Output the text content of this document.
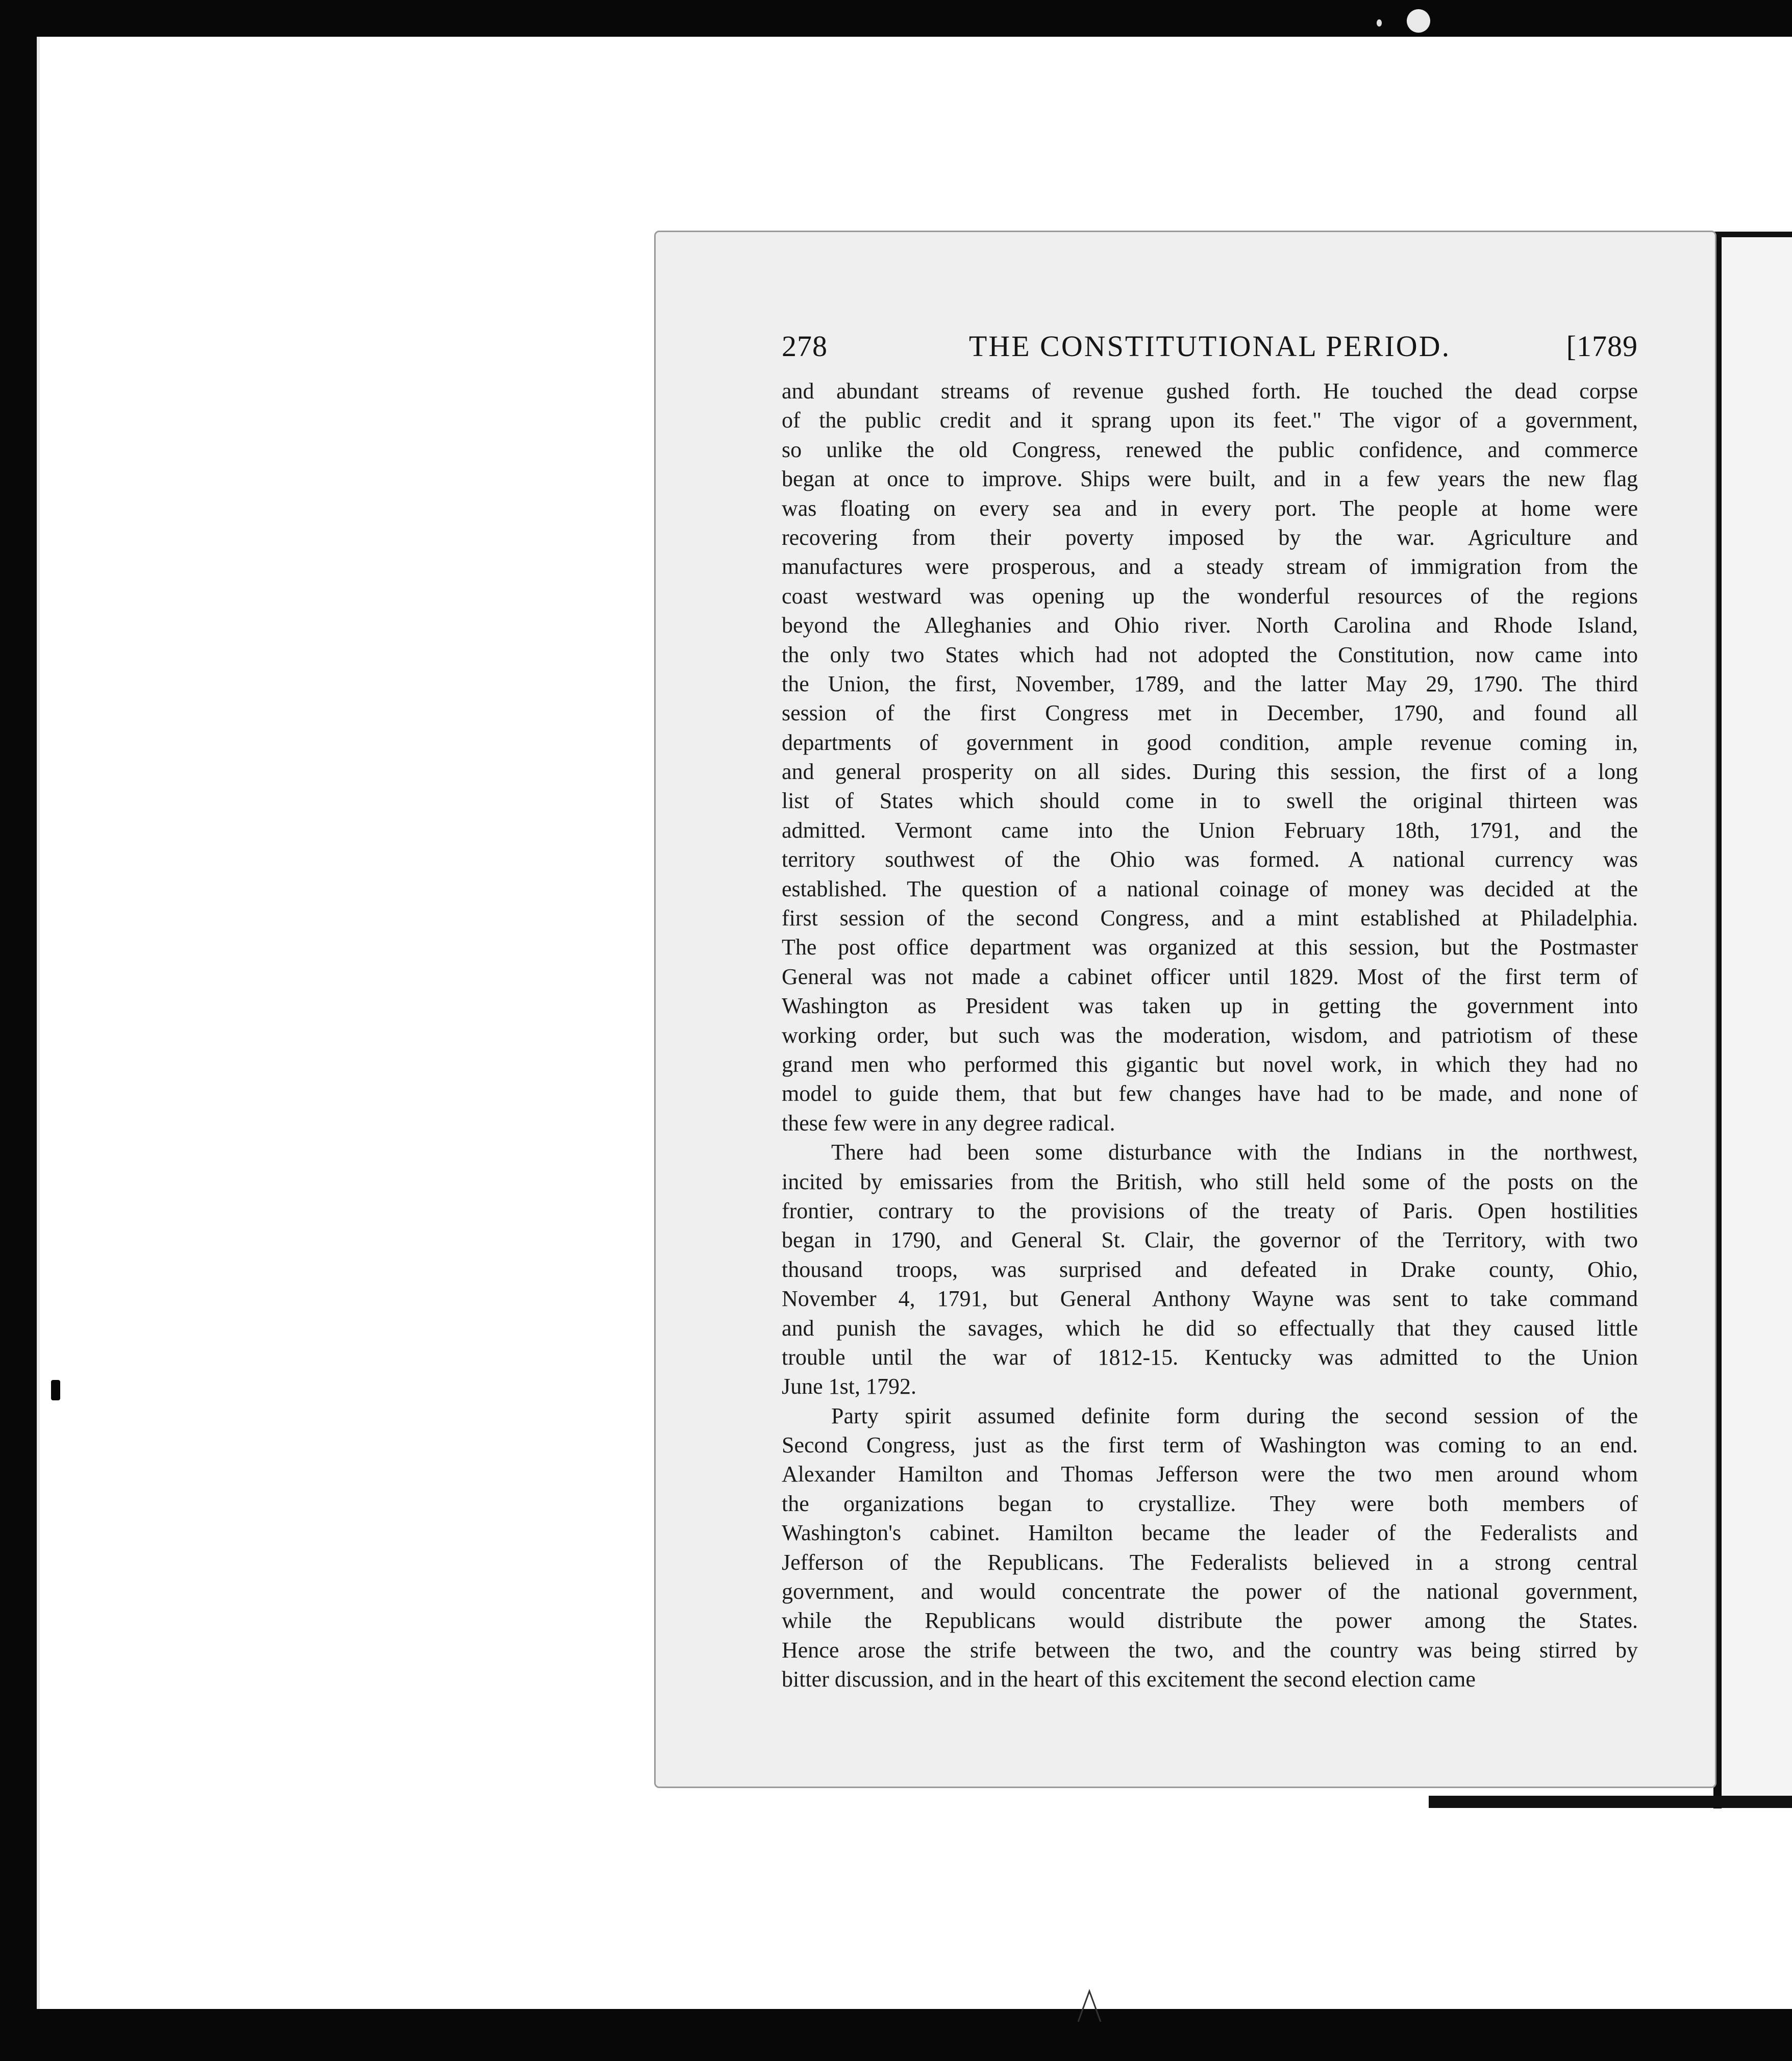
278	THE CONSTITUTIONAL PERIOD.	[1789
and abundant streams of revenue gushed forth. He touched the dead corpse
of the public credit and it sprang upon its feet." The vigor of a government,
so unlike the old Congress, renewed the public confidence, and commerce
began at once to improve. Ships were built, and in a few years the new flag
was floating on every sea and in every port. The people at home were
recovering from their poverty imposed by the war. Agriculture and
manufactures were prosperous, and a steady stream of immigration from the
coast westward was opening up the wonderful resources of the regions
beyond the Alleghanies and Ohio river. North Carolina and Rhode Island,
the only two States which had not adopted the Constitution, now came into
the Union, the first, November, 1789, and the latter May 29, 1790. The third
session of the first Congress met in December, 1790, and found all
departments of government in good condition, ample revenue coming in,
and general prosperity on all sides. During this session, the first of a long
list of States which should come in to swell the original thirteen was
admitted. Vermont came into the Union February 18th, 1791, and the
territory southwest of the Ohio was formed. A national currency was
established. The question of a national coinage of money was decided at the
first session of the second Congress, and a mint established at Philadelphia.
The post office department was organized at this session, but the Postmaster
General was not made a cabinet officer until 1829. Most of the first term of
Washington as President was taken up in getting the government into
working order, but such was the moderation, wisdom, and patriotism of these
grand men who performed this gigantic but novel work, in which they had no
model to guide them, that but few changes have had to be made, and none of
these few were in any degree radical.
There had been some disturbance with the Indians in the northwest,
incited by emissaries from the British, who still held some of the posts on the
frontier, contrary to the provisions of the treaty of Paris. Open hostilities
began in 1790, and General St. Clair, the governor of the Territory, with two
thousand troops, was surprised and defeated in Drake county, Ohio,
November 4, 1791, but General Anthony Wayne was sent to take command
and punish the savages, which he did so effectually that they caused little
trouble until the war of 1812-15. Kentucky was admitted to the Union
June 1st, 1792.
Party spirit assumed definite form during the second session of the
Second Congress, just as the first term of Washington was coming to an end.
Alexander Hamilton and Thomas Jefferson were the two men around whom
the organizations began to crystallize. They were both members of
Washington's cabinet. Hamilton became the leader of the Federalists and
Jefferson of the Republicans. The Federalists believed in a strong central
government, and would concentrate the power of the national government,
while the Republicans would distribute the power among the States.
Hence arose the strife between the two, and the country was being stirred by
bitter discussion, and in the heart of this excitement the second election came
